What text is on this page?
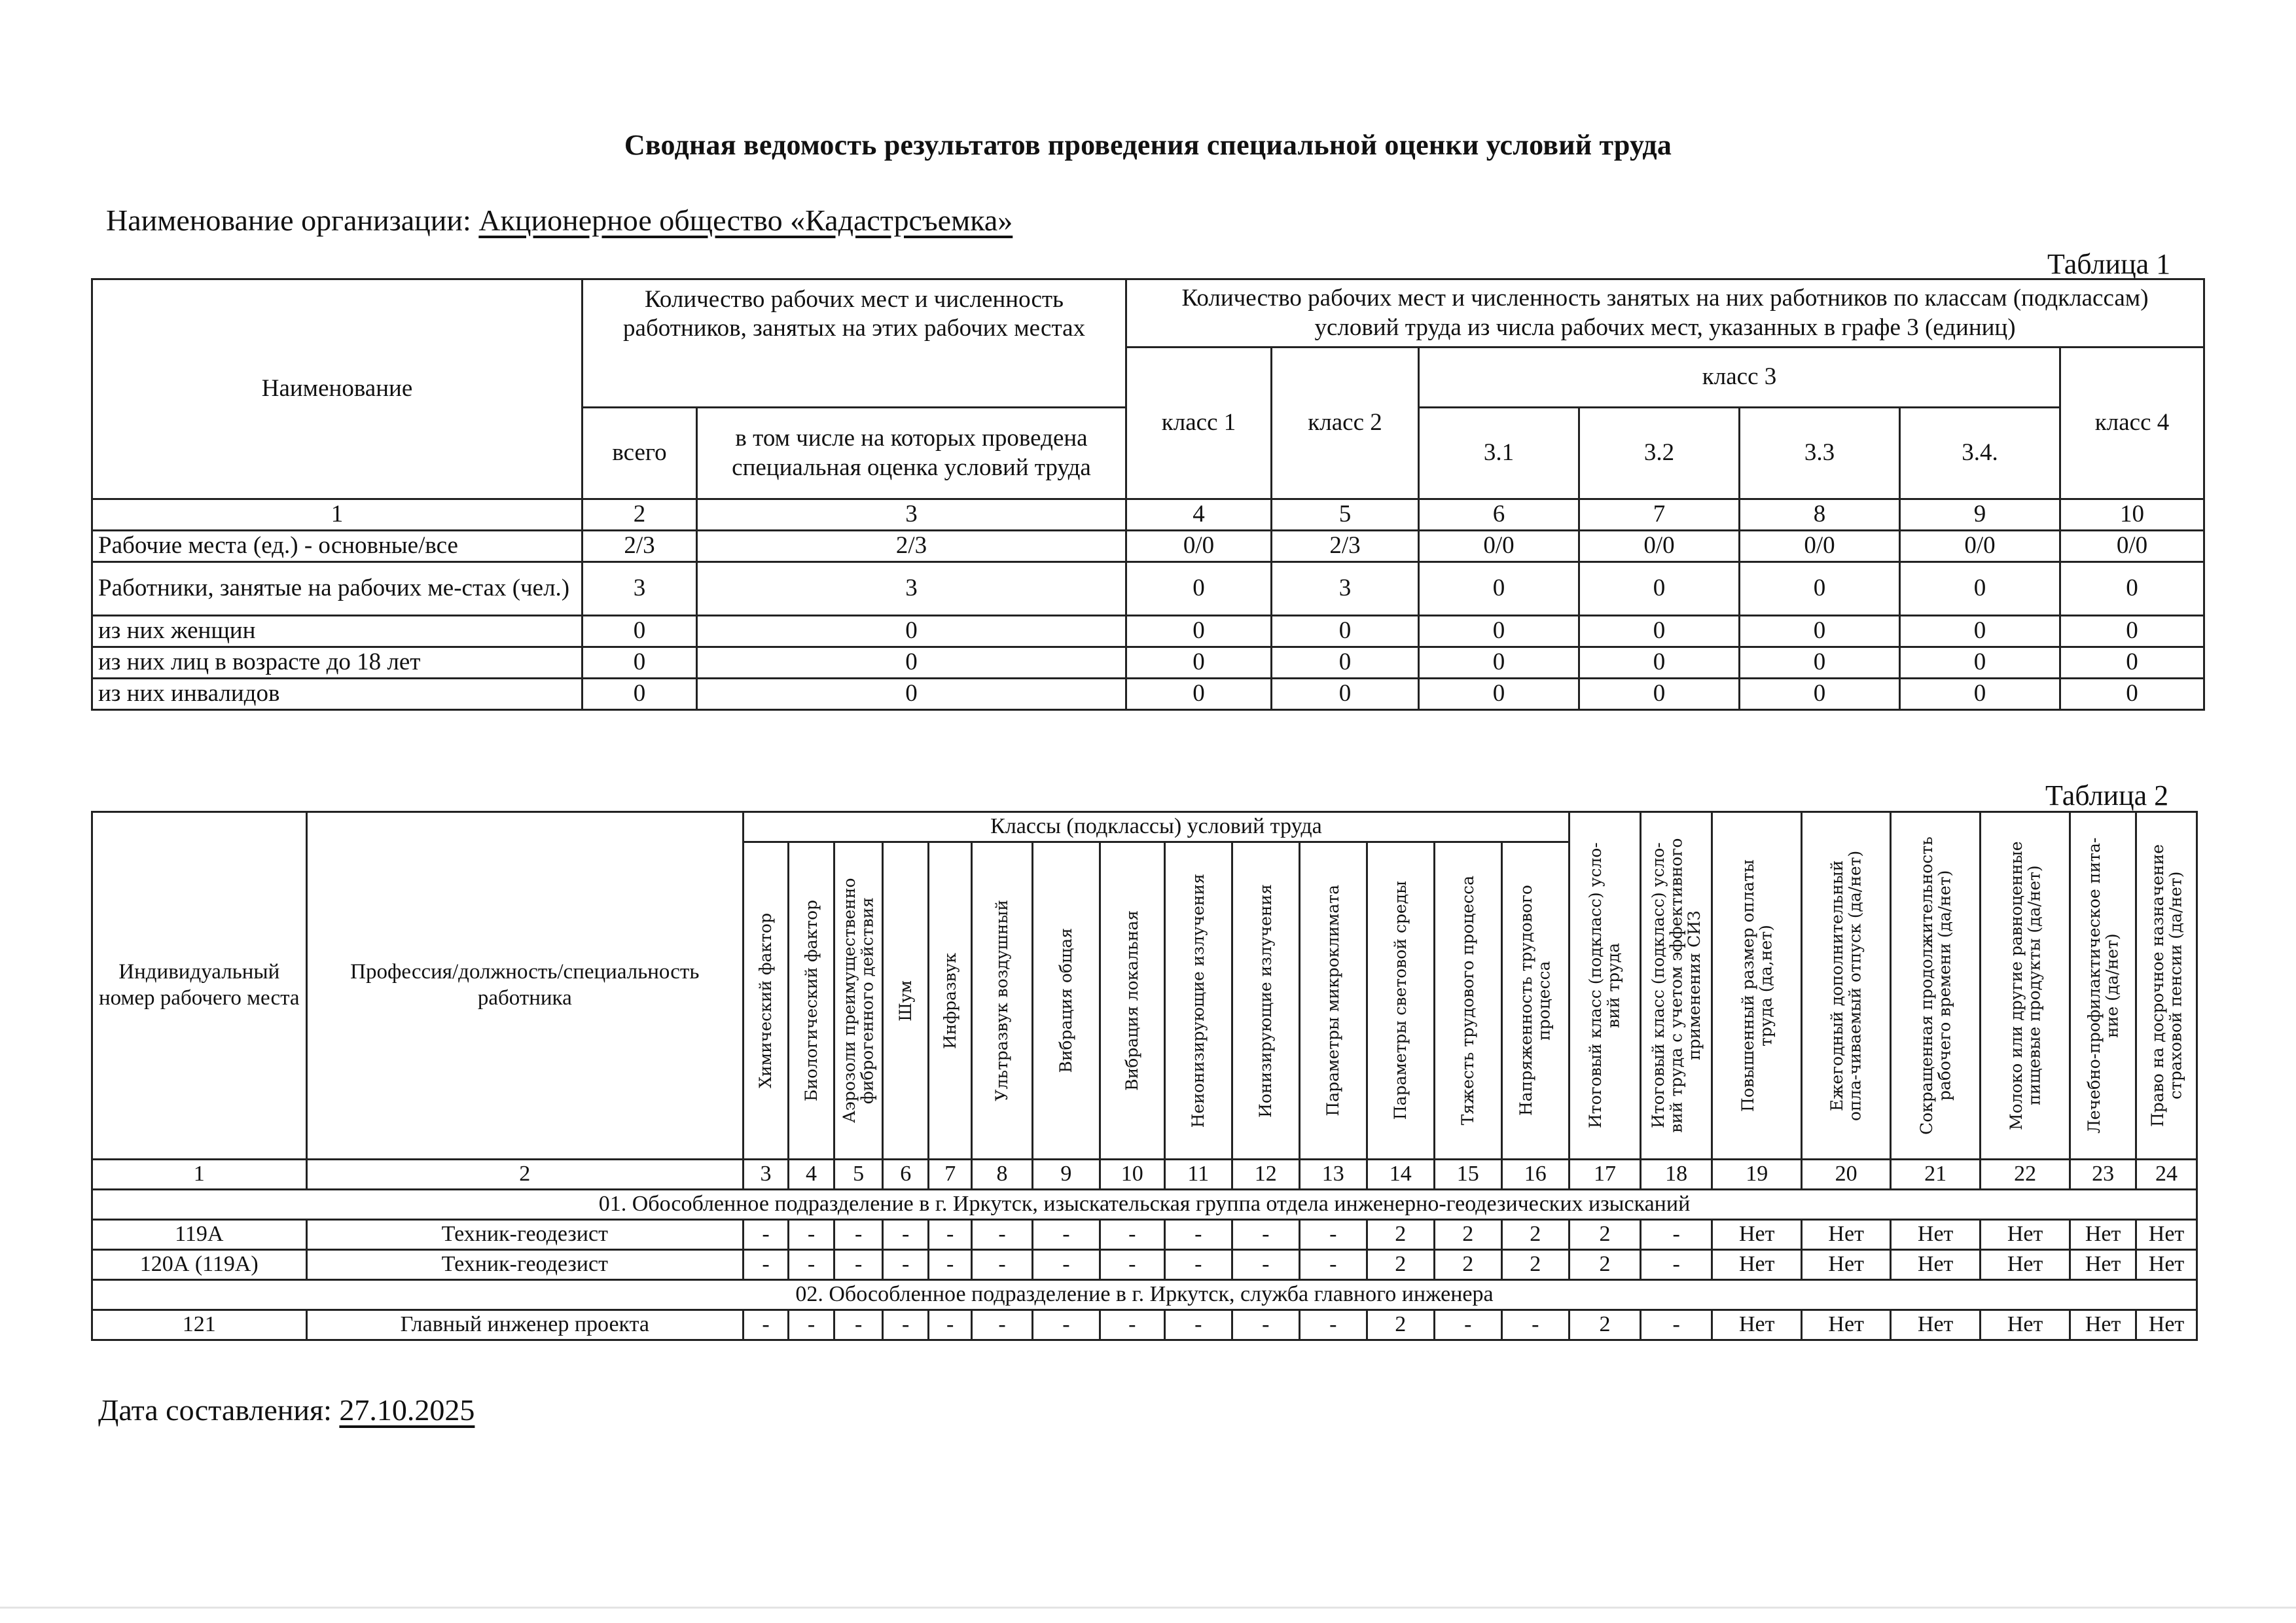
Сводная ведомость результатов проведения специальной оценки условий труда
Наименование организации: Акционерное общество «Кадастрсъемка»
Таблица 1
Наименование	Количество рабочих мест и численность работников, занятых на этих рабочих местах		Количество рабочих мест и численность занятых на них работников по классам (подклассам) условий труда из числа рабочих мест, указанных в графе 3 (единиц)						
			класс 1	класс 2	класс 3				класс 4
	всего	в том числе на которых проведена специальная оценка условий труда			3.1	3.2	3.3	3.4.	
1	2	3	4	5	6	7	8	9	10
Рабочие места (ед.) - основные/все	2/3	2/3	0/0	2/3	0/0	0/0	0/0	0/0	0/0
Работники, занятые на рабочих ме-стах (чел.)	3	3	0	3	0	0	0	0	0
из них женщин	0	0	0	0	0	0	0	0	0
из них лиц в возрасте до 18 лет	0	0	0	0	0	0	0	0	0
из них инвалидов	0	0	0	0	0	0	0	0	0
Таблица 2
Индивидуальный номер рабочего места	Профессия/должность/специальность работника	Классы (подклассы) условий труда														Итоговый класс (подкласс) усло-вий труда	Итоговый класс (подкласс) усло-вий труда с учетом эффективного применения СИЗ	Повышенный размер оплаты труда (да,нет)	Ежегодный дополнительный опла-чиваемый отпуск (да/нет)	Сокращенная продолжительность рабочего времени (да/нет)	Молоко или другие равноценные пищевые продукты (да/нет)	Лечебно-профилактическое пита-ние (да/нет)	Право на досрочное назначение страховой пенсии (да/нет)

		Химический фактор	Биологический фактор	Аэрозоли преимущественно фиброгенного действия	Шум	Инфразвук	Ультразвук воздушный	Вибрация общая	Вибрация локальная	Неионизирующие излучения	Ионизирующие излучения	Параметры микроклимата	Параметры световой среды	Тяжесть трудового процесса	Напряженность трудового процесса								

1	2	3	4	5	6	7	8	9	10	11	12	13	14	15	16	17	18	19	20	21	22	23	24
01. Обособленное подразделение в г. Иркутск, изыскательская группа отдела инженерно-геодезических изысканий																							
119А	Техник-геодезист	-	-	-	-	-	-	-	-	-	-	-	2	2	2	2	-	Нет	Нет	Нет	Нет	Нет	Нет
120А (119А)	Техник-геодезист	-	-	-	-	-	-	-	-	-	-	-	2	2	2	2	-	Нет	Нет	Нет	Нет	Нет	Нет
02. Обособленное подразделение в г. Иркутск, служба главного инженера																							
121	Главный инженер проекта	-	-	-	-	-	-	-	-	-	-	-	2	-	-	2	-	Нет	Нет	Нет	Нет	Нет	Нет
Дата составления: 27.10.2025
